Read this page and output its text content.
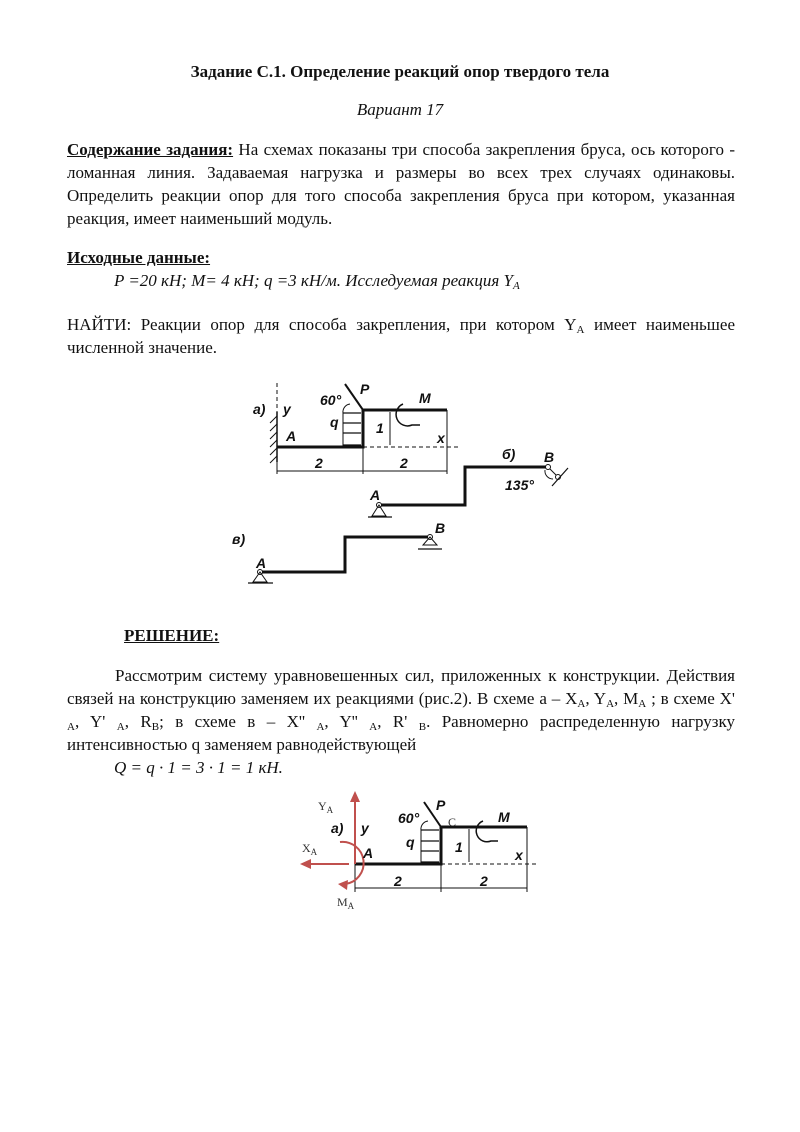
Задание С.1. Определение реакций опор твердого тела
Вариант 17
Содержание задания: На схемах показаны три способа закрепления бруса, ось которого - ломанная линия. Задаваемая нагрузка и размеры во всех трех случаях одинаковы. Определить реакции опор для того способа закрепления бруса при котором, указанная реакция, имеет наименьший модуль.
Исходные данные:
P =20 кН; M= 4 кН; q =3 кН/м. Исследуемая реакция $Y_A$
НАЙТИ: Реакции опор для способа закрепления, при котором $Y_A$ имеет наименьшее численной значение.
а) y
A
60°
P
M
q	1
x
2	2
б) B
135°
A
в)
A
B
$Y_A$
$X_A$
$M_A$
а) y
A
60°
P
C	M
q	1	x
2	2
РЕШЕНИЕ:
Рассмотрим систему уравновешенных сил, приложенных к конструкции. Действия связей на конструкцию заменяем их реакциями (рис.2). В схеме а – $X_A$, $Y_A$, $M_A$ ; в схеме X' $_A$, Y' $_A$, $R_B$; в схеме в – X'' $_A$, Y'' $_A$, R' $_B$. Равномерно распределенную нагрузку интенсивностью q заменяем равнодействующей
Q = q · 1 = 3 · 1 = 1 кН.
